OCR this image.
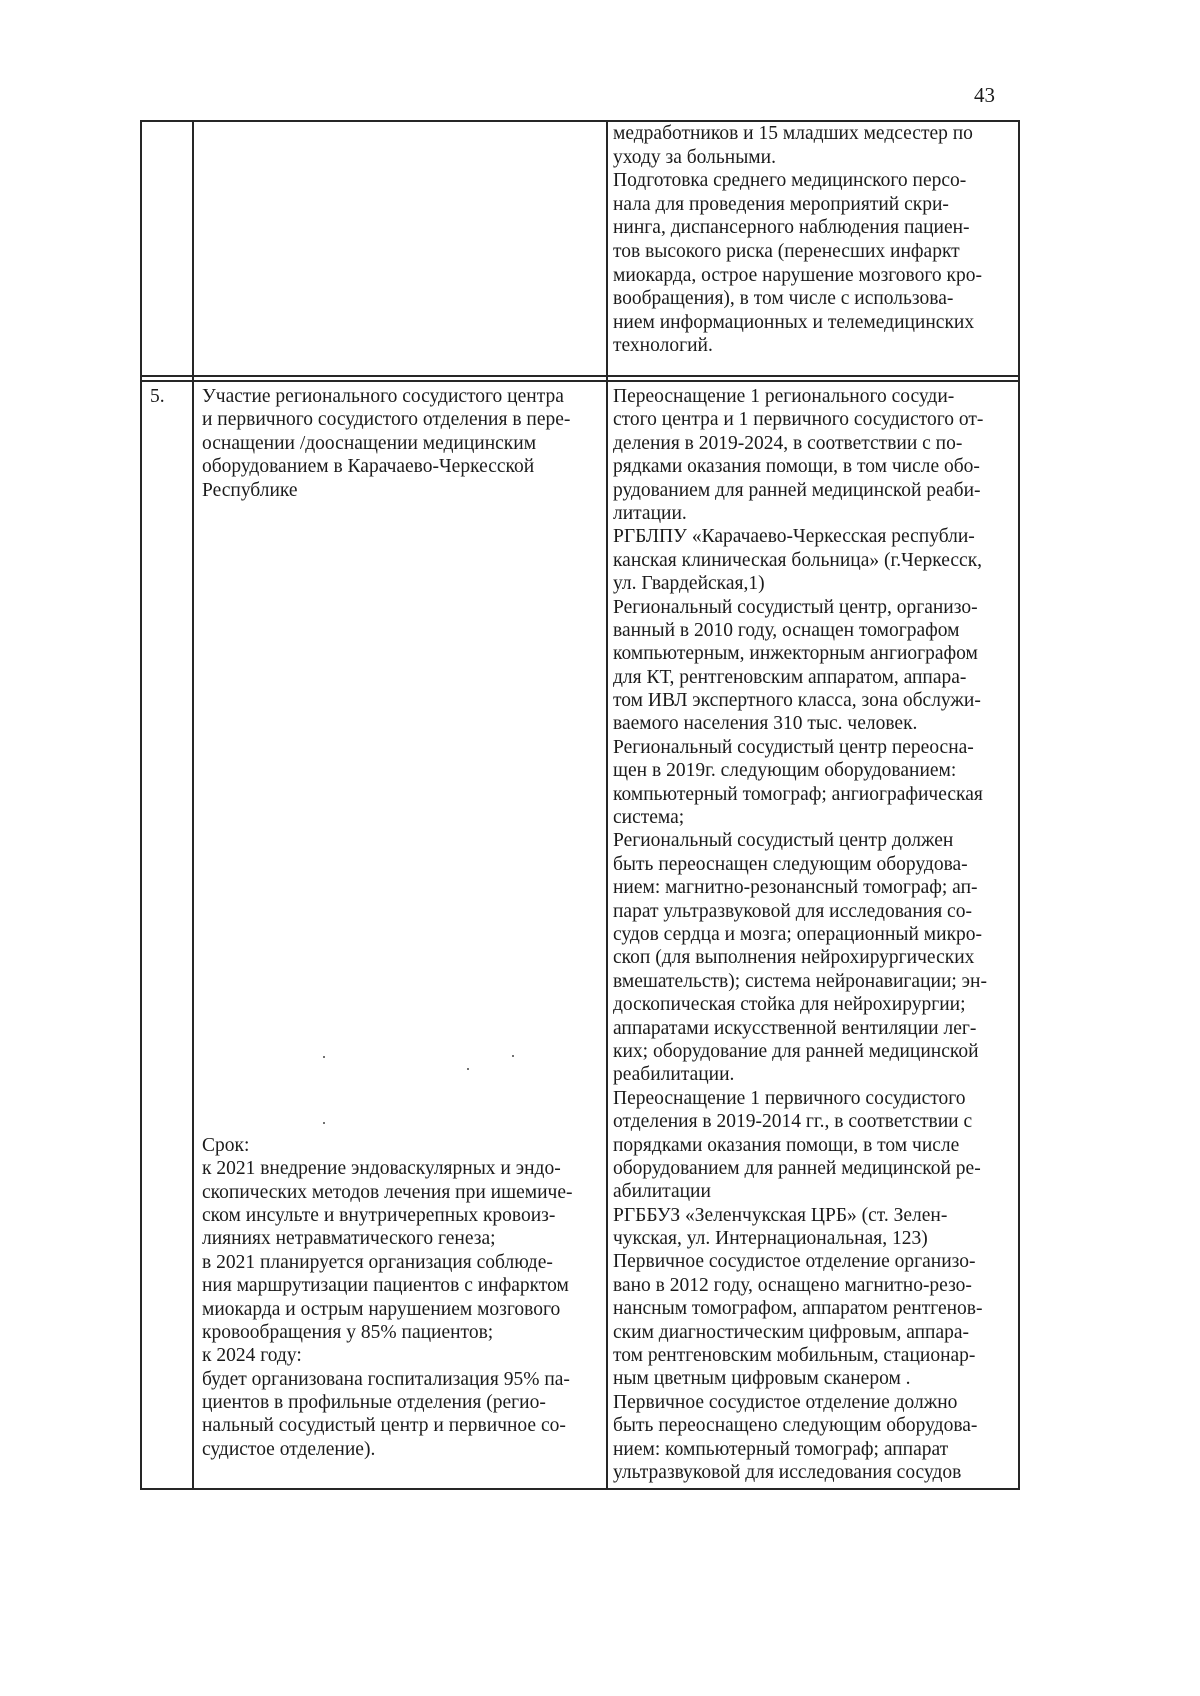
43
медработников и 15 младших медсестер по
уходу за больными.
Подготовка среднего медицинского персо-
нала для проведения мероприятий скри-
нинга, диспансерного наблюдения пациен-
тов высокого риска (перенесших инфаркт
миокарда, острое нарушение мозгового кро-
вообращения), в том числе с использова-
нием информационных и телемедицинских
технологий.
5. Участие регионального сосудистого центра
и первичного сосудистого отделения в пере-
оснащении /дооснащении медицинским
оборудованием в Карачаево-Черкесской
Республике
Срок:
к 2021 внедрение эндоваскулярных и эндо-
скопических методов лечения при ишемиче-
ском инсульте и внутричерепных кровоиз-
лияниях нетравматического генеза;
в 2021 планируется организация соблюде-
ния маршрутизации пациентов с инфарктом
миокарда и острым нарушением мозгового
кровообращения у 85% пациентов;
к 2024 году:
будет организована госпитализация 95% па-
циентов в профильные отделения (регио-
нальный сосудистый центр и первичное со-
судистое отделение).
Переоснащение 1 регионального сосуди-
стого центра и 1 первичного сосудистого от-
деления в 2019-2024, в соответствии с по-
рядками оказания помощи, в том числе обо-
рудованием для ранней медицинской реаби-
литации.
РГБЛПУ «Карачаево-Черкесская республи-
канская клиническая больница» (г.Черкесск,
ул. Гвардейская,1)
Региональный сосудистый центр, организо-
ванный в 2010 году, оснащен томографом
компьютерным, инжекторным ангиографом
для КТ, рентгеновским аппаратом, аппара-
том ИВЛ экспертного класса, зона обслужи-
ваемого населения 310 тыс. человек.
Региональный сосудистый центр переосна-
щен в 2019г. следующим оборудованием:
компьютерный томограф; ангиографическая
система;
Региональный сосудистый центр должен
быть переоснащен следующим оборудова-
нием: магнитно-резонансный томограф; ап-
парат ультразвуковой для исследования со-
судов сердца и мозга; операционный микро-
скоп (для выполнения нейрохирургических
вмешательств); система нейронавигации; эн-
доскопическая стойка для нейрохирургии;
аппаратами искусственной вентиляции лег-
ких; оборудование для ранней медицинской
реабилитации.
Переоснащение 1 первичного сосудистого
отделения в 2019-2014 гг., в соответствии с
порядками оказания помощи, в том числе
оборудованием для ранней медицинской ре-
абилитации
РГББУЗ «Зеленчукская ЦРБ» (ст. Зелен-
чукская, ул. Интернациональная, 123)
Первичное сосудистое отделение организо-
вано в 2012 году, оснащено магнитно-резо-
нансным томографом, аппаратом рентгенов-
ским диагностическим цифровым, аппара-
том рентгеновским мобильным, стационар-
ным цветным цифровым сканером .
Первичное сосудистое отделение должно
быть переоснащено следующим оборудова-
нием: компьютерный томограф; аппарат
ультразвуковой для исследования сосудов
